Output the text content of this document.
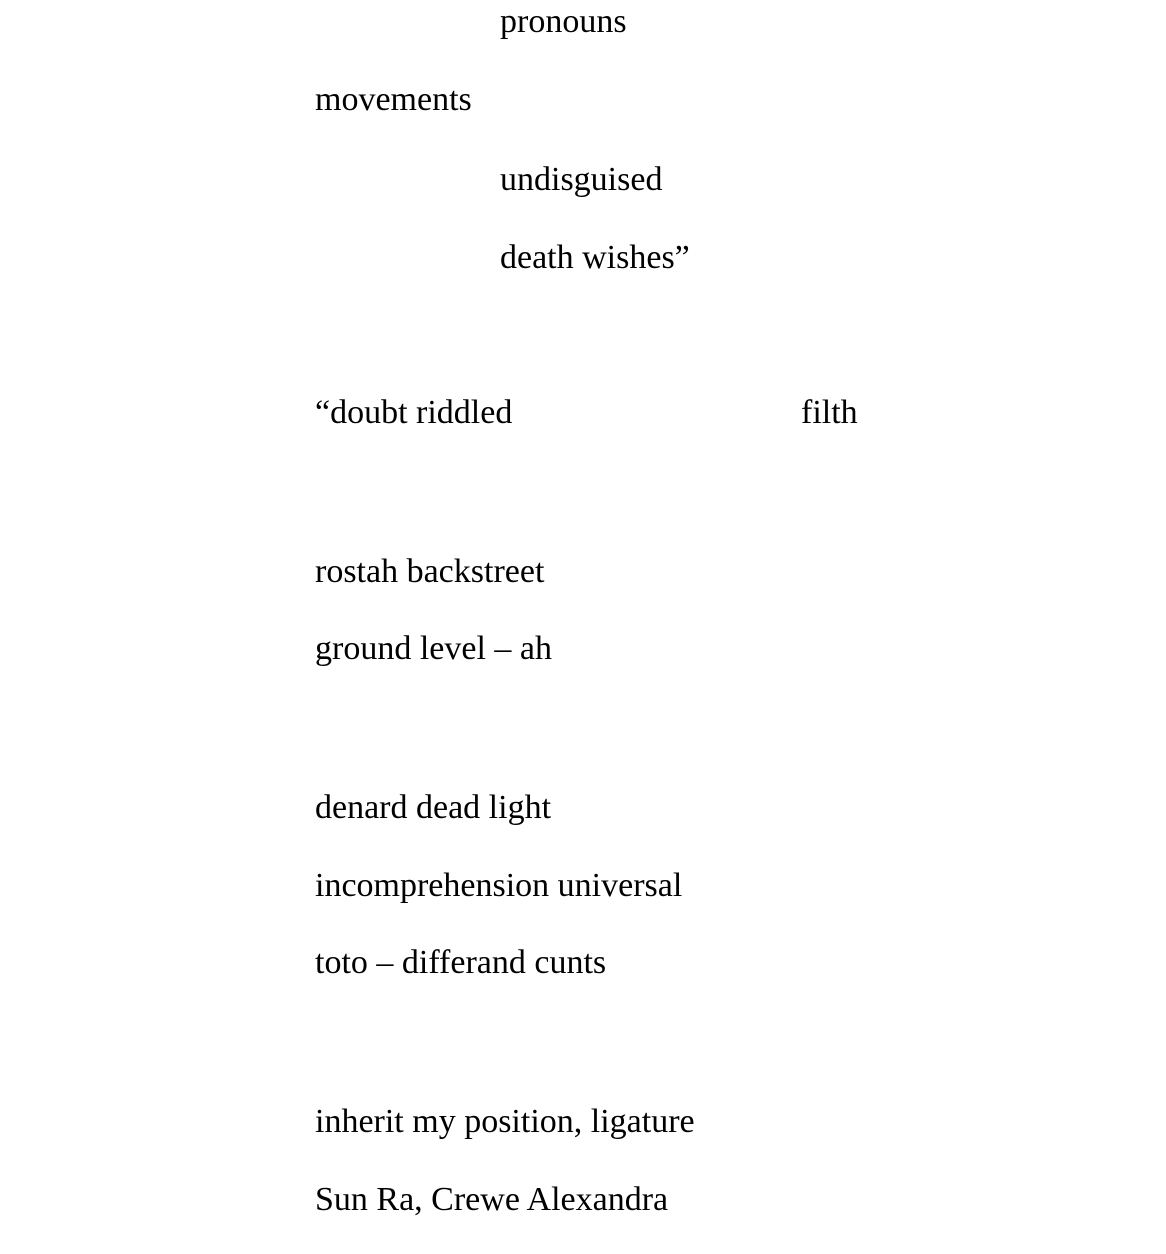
pronouns
movements
undisguised
death wishes”
“doubt riddled	filth
rostah backstreet
ground level – ah
denard dead light
incomprehension universal
toto – differand cunts
inherit my position, ligature
Sun Ra, Crewe Alexandra
